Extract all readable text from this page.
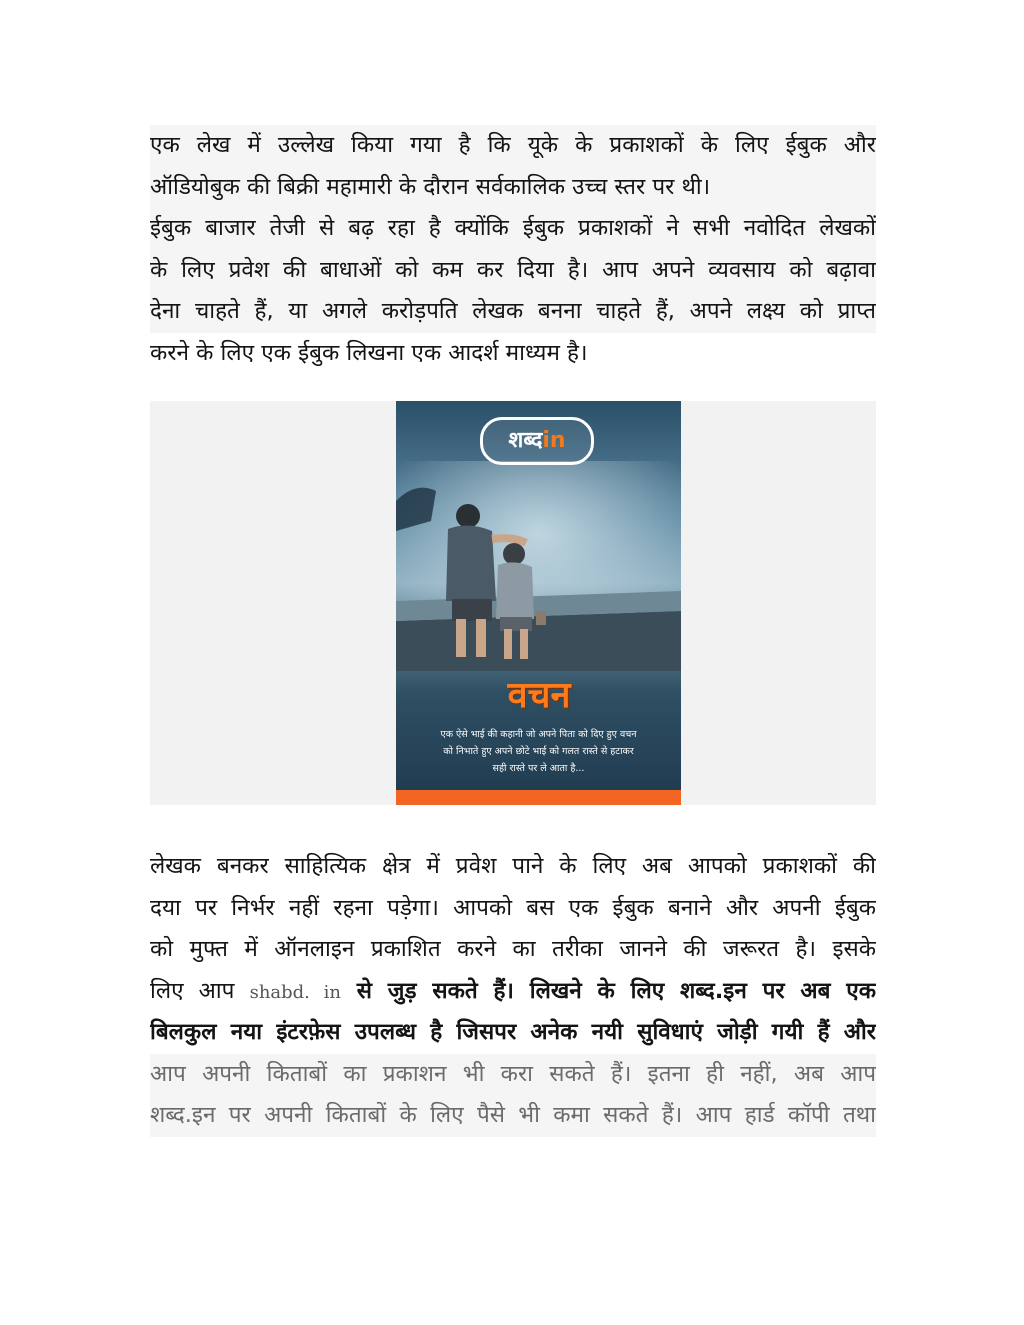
एक लेख में उल्लेख किया गया है कि यूके के प्रकाशकों के लिए ईबुक और
ऑडियोबुक की बिक्री महामारी के दौरान सर्वकालिक उच्च स्तर पर थी।
ईबुक बाजार तेजी से बढ़ रहा है क्योंकि ईबुक प्रकाशकों ने सभी नवोदित लेखकों
के लिए प्रवेश की बाधाओं को कम कर दिया है। आप अपने व्यवसाय को बढ़ावा
देना चाहते हैं, या अगले करोड़पति लेखक बनना चाहते हैं, अपने लक्ष्य को प्राप्त
करने के लिए एक ईबुक लिखना एक आदर्श माध्यम है।
शब्दin
वचन
एक ऐसे भाई की कहानी जो अपने पिता को दिए हुए वचन
को निभाते हुए अपने छोटे भाई को गलत रास्ते से हटाकर
सही रास्ते पर ले आता है...
लेखक बनकर साहित्यिक क्षेत्र में प्रवेश पाने के लिए अब आपको प्रकाशकों की
दया पर निर्भर नहीं रहना पड़ेगा। आपको बस एक ईबुक बनाने और अपनी ईबुक
को मुफ्त में ऑनलाइन प्रकाशित करने का तरीका जानने की जरूरत है। इसके
लिए आप shabd. in से जुड़ सकते हैं। लिखने के लिए शब्द.इन पर अब एक
बिलकुल नया इंटरफ़ेस उपलब्ध है जिसपर अनेक नयी सुविधाएं जोड़ी गयी हैं और
आप अपनी किताबों का प्रकाशन भी करा सकते हैं। इतना ही नहीं, अब आप
शब्द.इन पर अपनी किताबों के लिए पैसे भी कमा सकते हैं। आप हार्ड कॉपी तथा
